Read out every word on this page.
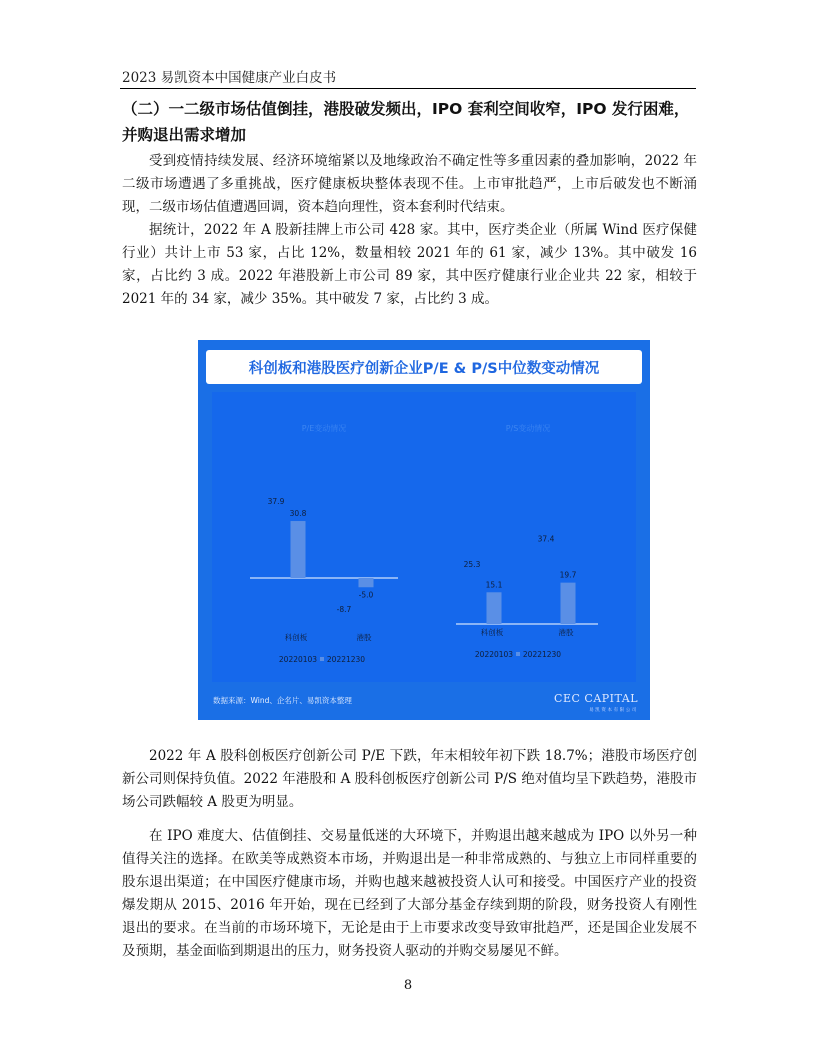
2023 易凯资本中国健康产业白皮书
（二）一二级市场估值倒挂，港股破发频出，IPO 套利空间收窄，IPO 发行困难，并购退出需求增加

受到疫情持续发展、经济环境缩紧以及地缘政治不确定性等多重因素的叠加影响，2022 年二级市场遭遇了多重挑战，医疗健康板块整体表现不佳。上市审批趋严，上市后破发也不断涌现，二级市场估值遭遇回调，资本趋向理性，资本套利时代结束。

据统计，2022 年 A 股新挂牌上市公司 428 家。其中，医疗类企业（所属 Wind 医疗保健行业）共计上市 53 家，占比 12%，数量相较 2021 年的 61 家，减少 13%。其中破发 16 家，占比约 3 成。2022 年港股新上市公司 89 家，其中医疗健康行业企业共 22 家，相较于 2021 年的 34 家，减少 35%。其中破发 7 家，占比约 3 成。

科创板和港股医疗创新企业P/E & P/S中位数变动情况
P/E变动情况
37.9
30.8
科创板
-8.7
-5.0
港股
20220103 20221230
P/S变动情况
25.3
15.1
科创板
37.4
19.7
港股
20220103 20221230
数据来源：Wind、企名片、易凯资本整理	CEC CAPITAL
易凯资本有限公司

2022 年 A 股科创板医疗创新公司 P/E 下跌，年末相较年初下跌 18.7%；港股市场医疗创新公司则保持负值。2022 年港股和 A 股科创板医疗创新公司 P/S 绝对值均呈下跌趋势，港股市场公司跌幅较 A 股更为明显。

在 IPO 难度大、估值倒挂、交易量低迷的大环境下，并购退出越来越成为 IPO 以外另一种值得关注的选择。在欧美等成熟资本市场，并购退出是一种非常成熟的、与独立上市同样重要的股东退出渠道；在中国医疗健康市场，并购也越来越被投资人认可和接受。中国医疗产业的投资爆发期从 2015、2016 年开始，现在已经到了大部分基金存续到期的阶段，财务投资人有刚性退出的要求。在当前的市场环境下，无论是由于上市要求改变导致审批趋严，还是国企业发展不及预期，基金面临到期退出的压力，财务投资人驱动的并购交易屡见不鲜。

8
